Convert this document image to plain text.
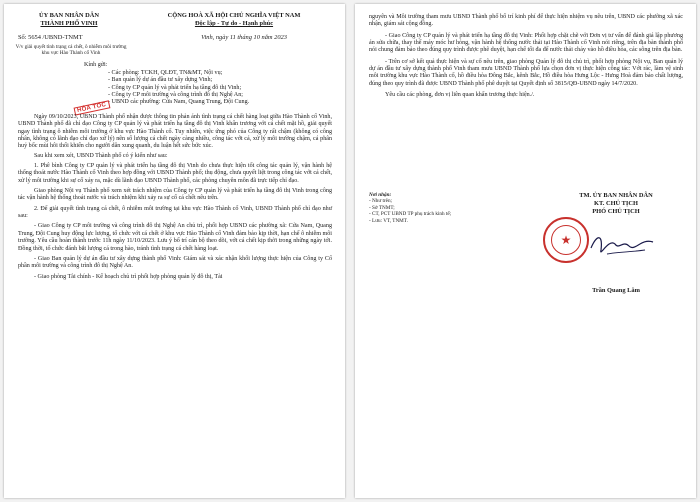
ỦY BAN NHÂN DÂN
THÀNH PHỐ VINH
CỘNG HOÀ XÃ HỘI CHỦ NGHĨA VIỆT NAM
Độc lập - Tự do - Hạnh phúc
Số: 5654 /UBND-TNMT
V/v giải quyết tình trạng cá chết, ô nhiễm môi trường khu vực Hào Thành cổ Vinh
Vinh, ngày 11 tháng 10 năm 2023
Kính gửi:
- Các phòng: TCKH, QLĐT, TN&MT, Nội vụ;
- Ban quản lý dự án đầu tư xây dựng Vinh;
- Công ty CP quản lý và phát triển hạ tầng đô thị Vinh;
- Công ty CP môi trường và công trình đô thị Nghệ An;
- UBND các phường: Cửa Nam, Quang Trung, Đội Cung.
HỎA TỐC

Ngày 09/10/2023, UBND Thành phố nhận được thông tin phản ánh tình trạng cá chết hàng loạt giữa Hào Thành cổ Vinh, UBND Thành phố đã chỉ đạo Công ty CP quản lý và phát triển hạ tầng đô thị Vinh khẩn trương vớt cá chết mặt hồ, giải quyết ngay tình trạng ô nhiễm môi trường ở khu vực Hào Thành cổ. Tuy nhiên, việc ứng phó của Công ty rất chậm (không có công nhân, không có lãnh đạo chỉ đạo xử lý) nên số lượng cá chết ngày càng nhiều, công tác vớt cá, xử lý môi trường chậm, cá phân huỷ bốc mùi hôi thối khiến cho người dân xung quanh, du luận hết sức bức xúc.

Sau khi xem xét, UBND Thành phố có ý kiến như sau:

1. Phê bình Công ty CP quản lý và phát triển hạ tầng đô thị Vinh do chưa thực hiện tốt công tác quản lý, vận hành hệ thống thoát nước Hào Thành cổ Vinh theo hợp đồng với UBND Thành phố; thụ động, chưa quyết liệt trong công tác vớt cá chết, xử lý môi trường khi sự cố xảy ra, mặc dù lãnh đạo UBND Thành phố, các phòng chuyên môn đã trực tiếp chỉ đạo.

Giao phòng Nội vụ Thành phố xem xét trách nhiệm của Công ty CP quản lý và phát triển hạ tầng đô thị Vinh trong công tác vận hành hệ thống thoát nước và trách nhiệm khi xảy ra sự cố cá chết nêu trên.

2. Để giải quyết tình trạng cá chết, ô nhiễm môi trường tại khu vực Hào Thành cổ Vinh, UBND Thành phố chỉ đạo như sau:

- Giao Công ty CP môi trường và công trình đô thị Nghệ An chủ trì, phối hợp UBND các phường xã: Cửa Nam, Quang Trung, Đội Cung huy động lực lượng, tổ chức vớt cá chết ở khu vực Hào Thành cổ Vinh đảm bảo kịp thời, hạn chế ô nhiễm môi trường. Yêu cầu hoàn thành trước 11h ngày 11/10/2023. Lưu ý bố trí cán bộ theo dõi, vớt cá chết kịp thời trong những ngày tới. Đồng thời, tổ chức đánh bắt lượng cá trong hào, tránh tình trạng cá chết hàng loạt.

- Giao Ban quản lý dự án đầu tư xây dựng thành phố Vinh: Giám sát và xác nhận khối lượng thực hiện của Công ty Cổ phần môi trường và công trình đô thị Nghệ An.

- Giao phòng Tài chính - Kế hoạch chủ trì phối hợp phòng quản lý đô thị, Tài

nguyên và Môi trường tham mưu UBND Thành phố bố trí kinh phí để thực hiện nhiệm vụ nêu trên, UBND các phường xã xác nhận, giám sát cộng đồng.

- Giao Công ty CP quản lý và phát triển hạ tầng đô thị Vinh: Phối hợp chặt chẽ với Đơn vị tư vấn để đánh giá lập phương án sửa chữa, thay thế máy móc hư hỏng, vận hành hệ thống nước thải tại Hào Thành cổ Vinh nói riêng, trên địa bàn thành phố nói chung đảm bảo theo đúng quy trình được phê duyệt, hạn chế tối đa để nước thải chảy vào hồ điều hòa, các sông trên địa bàn.

- Trên cơ sở kết quả thực hiện và sự cố nêu trên, giao phòng Quản lý đô thị chủ trì, phối hợp phòng Nội vụ, Ban quản lý dự án đầu tư xây dựng thành phố Vinh tham mưu UBND Thành phố lựa chọn đơn vị thực hiện công tác: Vớt rác, làm vệ sinh môi trường khu vực Hào Thành cổ, hồ điều hòa Đông Bắc, kênh Bắc, Hồ điều hòa Hưng Lộc - Hưng Hoà đảm bảo chất lượng, đúng theo quy trình đã được UBND Thành phố phê duyệt tại Quyết định số 3815/QĐ-UBND ngày 14/7/2020.

Yêu cầu các phòng, đơn vị liên quan khẩn trương thực hiện./.

Nơi nhận:
- Như trên;
- Sở TNMT;
- CT, PCT UBND TP phụ trách kinh tế;
- Lưu: VT, TNMT.
TM. ỦY BAN NHÂN DÂN
KT. CHỦ TỊCH
PHÓ CHỦ TỊCH
★
Trần Quang Lâm
